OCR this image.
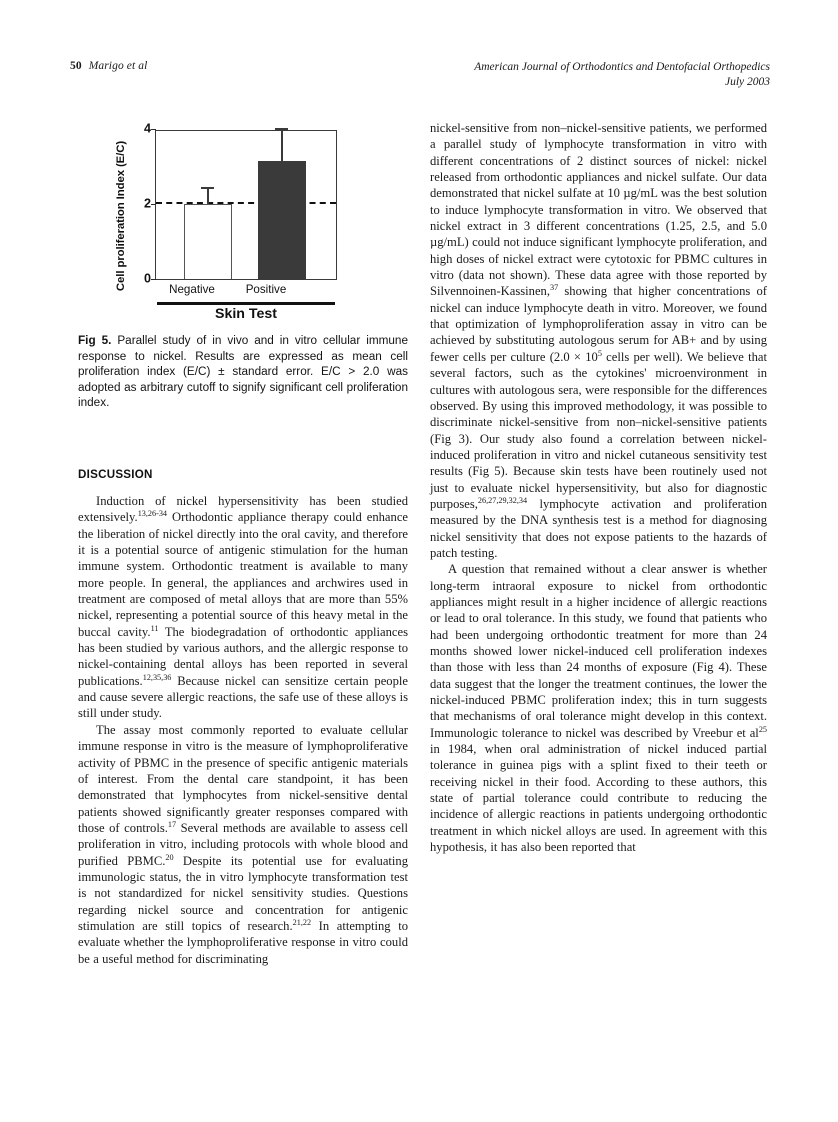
50 Marigo et al	American Journal of Orthodontics and Dentofacial Orthopedics
July 2003
Cell proliferation Index (E/C)	0
2
4
Negative	Positive
Skin Test
Fig 5. Parallel study of in vivo and in vitro cellular immune response to nickel. Results are expressed as mean cell proliferation index (E/C) ± standard error. E/C > 2.0 was adopted as arbitrary cutoff to signify significant cell proliferation index.
DISCUSSION

Induction of nickel hypersensitivity has been studied extensively.$^{13,26-34}$ Orthodontic appliance therapy could enhance the liberation of nickel directly into the oral cavity, and therefore it is a potential source of antigenic stimulation for the human immune system. Orthodontic treatment is available to many more people. In general, the appliances and archwires used in treatment are composed of metal alloys that are more than 55% nickel, representing a potential source of this heavy metal in the buccal cavity.$^{11}$ The biodegradation of orthodontic appliances has been studied by various authors, and the allergic response to nickel-containing dental alloys has been reported in several publications.$^{12,35,36}$ Because nickel can sensitize certain people and cause severe allergic reactions, the safe use of these alloys is still under study.

The assay most commonly reported to evaluate cellular immune response in vitro is the measure of lymphoproliferative activity of PBMC in the presence of specific antigenic materials of interest. From the dental care standpoint, it has been demonstrated that lymphocytes from nickel-sensitive dental patients showed significantly greater responses compared with those of controls.$^{17}$ Several methods are available to assess cell proliferation in vitro, including protocols with whole blood and purified PBMC.$^{20}$ Despite its potential use for evaluating immunologic status, the in vitro lymphocyte transformation test is not standardized for nickel sensitivity studies. Questions regarding nickel source and concentration for antigenic stimulation are still topics of research.$^{21,22}$ In attempting to evaluate whether the lymphoproliferative response in vitro could be a useful method for discriminating

nickel-sensitive from non–nickel-sensitive patients, we performed a parallel study of lymphocyte transformation in vitro with different concentrations of 2 distinct sources of nickel: nickel released from orthodontic appliances and nickel sulfate. Our data demonstrated that nickel sulfate at 10 µg/mL was the best solution to induce lymphocyte transformation in vitro. We observed that nickel extract in 3 different concentrations (1.25, 2.5, and 5.0 µg/mL) could not induce significant lymphocyte proliferation, and high doses of nickel extract were cytotoxic for PBMC cultures in vitro (data not shown). These data agree with those reported by Silvennoinen-Kassinen,$^{37}$ showing that higher concentrations of nickel can induce lymphocyte death in vitro. Moreover, we found that optimization of lymphoproliferation assay in vitro can be achieved by substituting autologous serum for AB+ and by using fewer cells per culture ($2.0 \times 10^5$ cells per well). We believe that several factors, such as the cytokines' microenvironment in cultures with autologous sera, were responsible for the differences observed. By using this improved methodology, it was possible to discriminate nickel-sensitive from non–nickel-sensitive patients (Fig 3). Our study also found a correlation between nickel-induced proliferation in vitro and nickel cutaneous sensitivity test results (Fig 5). Because skin tests have been routinely used not just to evaluate nickel hypersensitivity, but also for diagnostic purposes,$^{26,27,29,32,34}$ lymphocyte activation and proliferation measured by the DNA synthesis test is a method for diagnosing nickel sensitivity that does not expose patients to the hazards of patch testing.

A question that remained without a clear answer is whether long-term intraoral exposure to nickel from orthodontic appliances might result in a higher incidence of allergic reactions or lead to oral tolerance. In this study, we found that patients who had been undergoing orthodontic treatment for more than 24 months showed lower nickel-induced cell proliferation indexes than those with less than 24 months of exposure (Fig 4). These data suggest that the longer the treatment continues, the lower the nickel-induced PBMC proliferation index; this in turn suggests that mechanisms of oral tolerance might develop in this context. Immunologic tolerance to nickel was described by Vreebur et $al^{25}$ in 1984, when oral administration of nickel induced partial tolerance in guinea pigs with a splint fixed to their teeth or receiving nickel in their food. According to these authors, this state of partial tolerance could contribute to reducing the incidence of allergic reactions in patients undergoing orthodontic treatment in which nickel alloys are used. In agreement with this hypothesis, it has also been reported that
